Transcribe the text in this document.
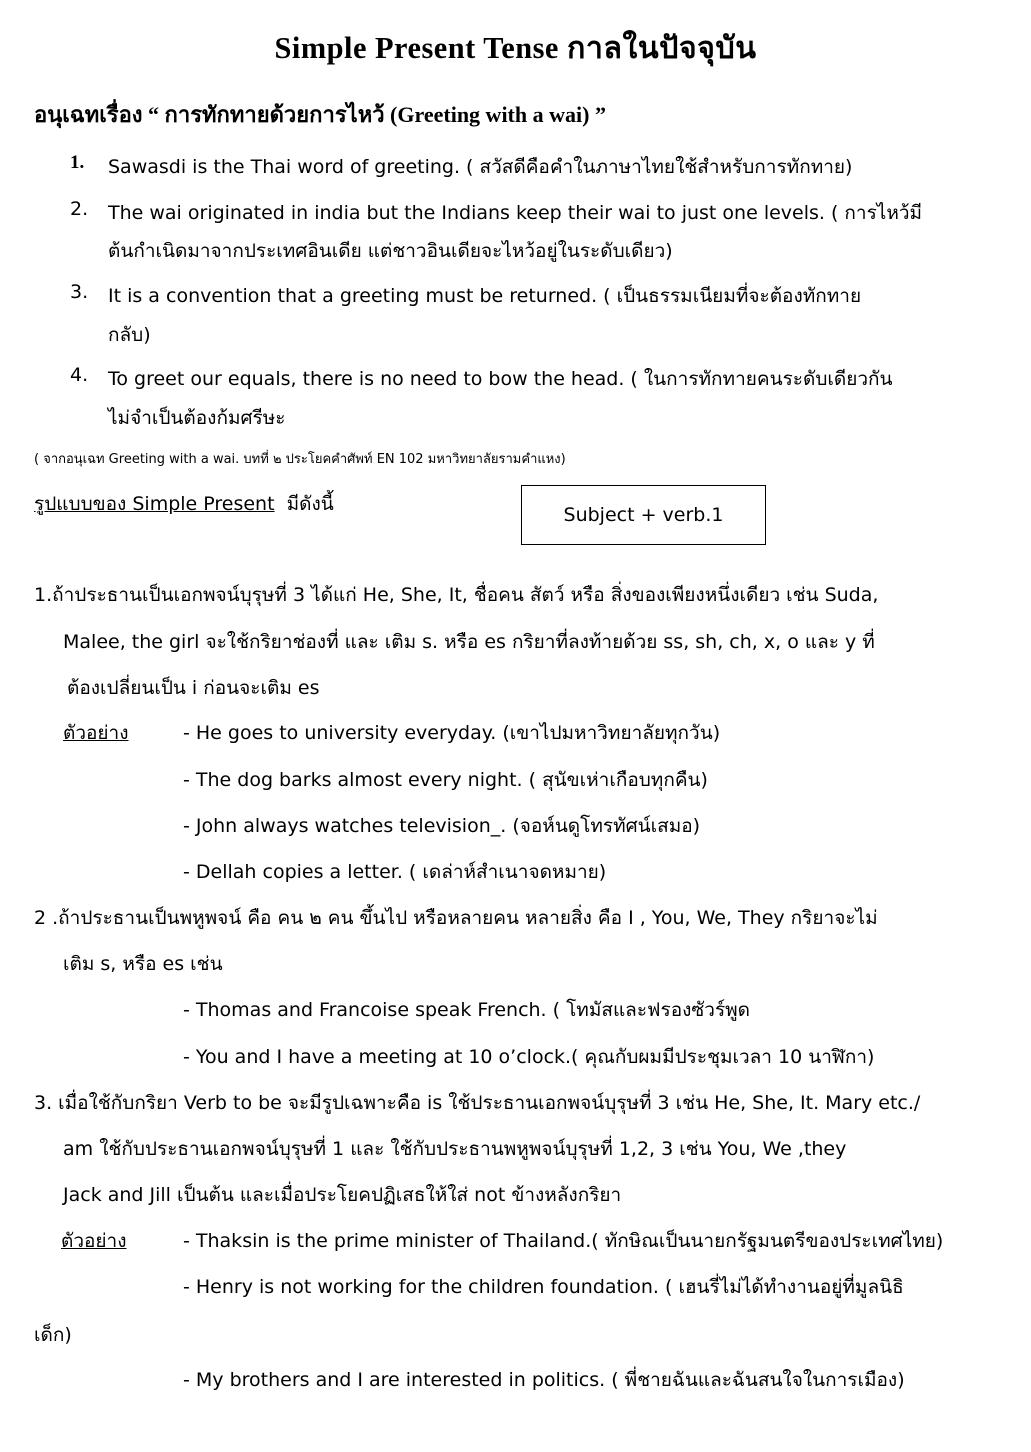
Simple Present Tense กาลในปัจจุบัน
อนุเฉทเรื่อง “ การทักทายด้วยการไหว้ (Greeting with a wai) ”
1. Sawasdi is the Thai word of greeting. ( สวัสดีคือคำในภาษาไทยใช้สำหรับการทักทาย)
2. The wai originated in india but the Indians keep their wai to just one levels. ( การไหว้มี
ต้นกำเนิดมาจากประเทศอินเดีย แต่ชาวอินเดียจะไหว้อยู่ในระดับเดียว)
3. It is a convention that a greeting must be returned. ( เป็นธรรมเนียมที่จะต้องทักทาย
กลับ)
4. To greet our equals, there is no need to bow the head. ( ในการทักทายคนระดับเดียวกัน
ไม่จำเป็นต้องก้มศรีษะ
( จากอนุเฉท Greeting with a wai. บทที่ ๒ ประโยคคำศัพท์ EN 102 มหาวิทยาลัยรามคำแหง)
รูปแบบของ Simple Present มีดังนี้	Subject + verb.1
1.ถ้าประธานเป็นเอกพจน์บุรุษที่ 3 ได้แก่ He, She, It, ชื่อคน สัตว์ หรือ สิ่งของเพียงหนึ่งเดียว เช่น Suda,
Malee, the girl จะใช้กริยาช่องที่ และ เติม s. หรือ es กริยาที่ลงท้ายด้วย ss, sh, ch, x, o และ y ที่
ต้องเปลี่ยนเป็น i ก่อนจะเติม es
ตัวอย่าง	- He goes to university everyday. (เขาไปมหาวิทยาลัยทุกวัน)
- The dog barks almost every night. ( สุนัขเห่าเกือบทุกคืน)
- John always watches television_. (จอห์นดูโทรทัศน์เสมอ)
- Dellah copies a letter. ( เดล่าห์สำเนาจดหมาย)
2 .ถ้าประธานเป็นพหูพจน์ คือ คน ๒ คน ขึ้นไป หรือหลายคน หลายสิ่ง คือ I , You, We, They กริยาจะไม่
เติม s, หรือ es เช่น
- Thomas and Francoise speak French. ( โทมัสและฟรองซัวร์พูด
- You and I have a meeting at 10 o’clock.( คุณกับผมมีประชุมเวลา 10 นาฬิกา)
3. เมื่อใช้กับกริยา Verb to be จะมีรูปเฉพาะคือ is ใช้ประธานเอกพจน์บุรุษที่ 3 เช่น He, She, It. Mary etc./
am ใช้กับประธานเอกพจน์บุรุษที่ 1 และ ใช้กับประธานพหูพจน์บุรุษที่ 1,2, 3 เช่น You, We ,they
Jack and Jill เป็นต้น และเมื่อประโยคปฏิเสธให้ใส่ not ข้างหลังกริยา
ตัวอย่าง	- Thaksin is the prime minister of Thailand.( ทักษิณเป็นนายกรัฐมนตรีของประเทศไทย)
- Henry is not working for the children foundation. ( เฮนรี่ไม่ได้ทำงานอยู่ที่มูลนิธิ
เด็ก)
- My brothers and I are interested in politics. ( พี่ชายฉันและฉันสนใจในการเมือง)
